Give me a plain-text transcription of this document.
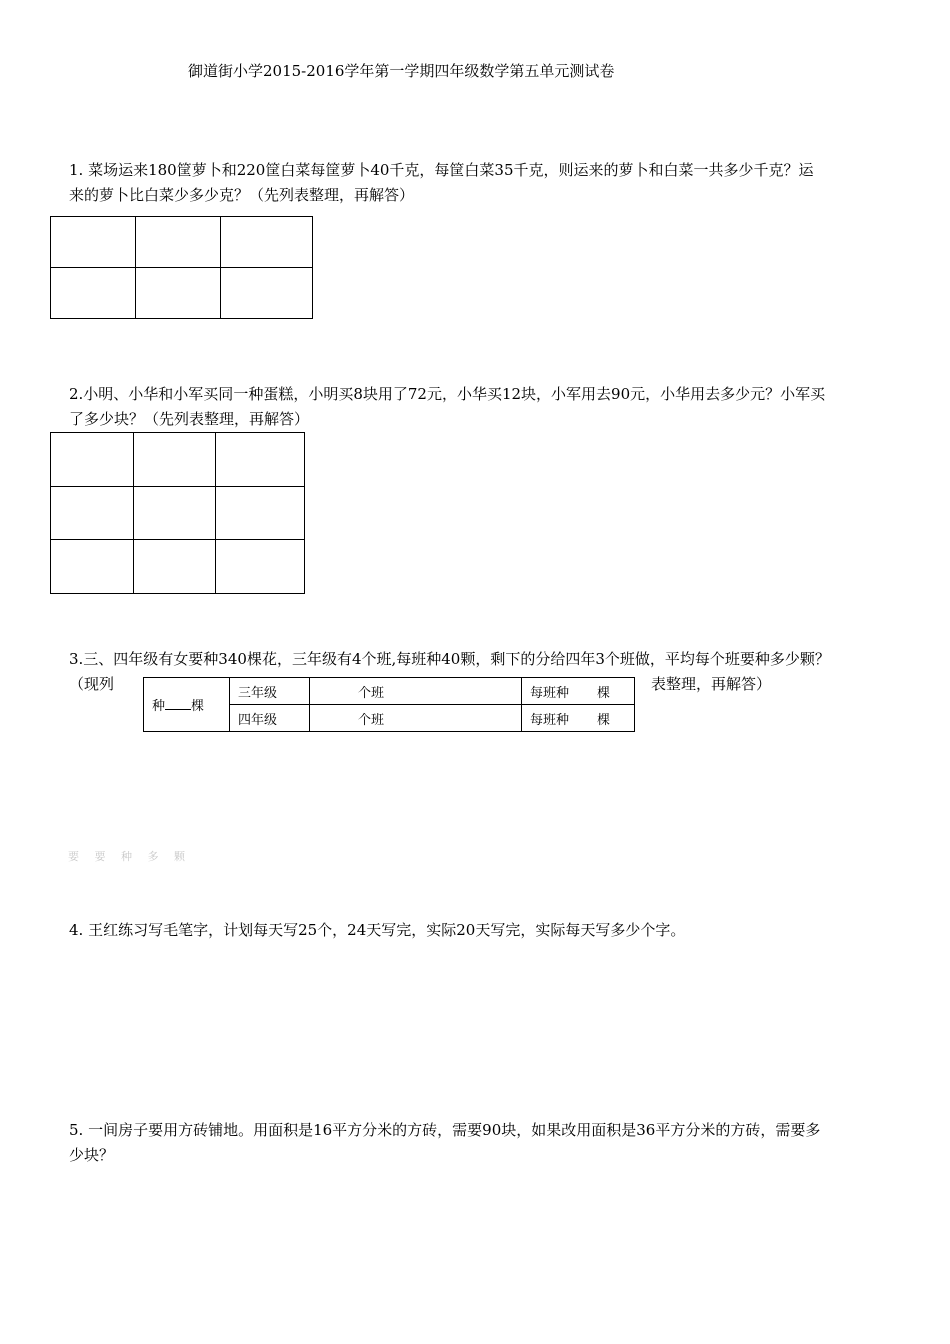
御道街小学2015-2016学年第一学期四年级数学第五单元测试卷
1. 菜场运来180筐萝卜和220筐白菜每筐萝卜40千克，每筐白菜35千克，则运来的萝卜和白菜一共多少千克？运
来的萝卜比白菜少多少克？（先列表整理，再解答）

2.小明、小华和小军买同一种蛋糕，小明买8块用了72元，小华买12块，小军用去90元，小华用去多少元？小军买
了多少块？（先列表整理，再解答）

3.三、四年级有女要种340棵花，三年级有4个班,每班种40颗，剩下的分给四年3个班做，平均每个班要种多少颗？
（现列	表整理，再解答）
种 棵	三年级	个班	每班种 棵
	四年级	个班	每班种 棵
要 要 种 多 颗
4. 王红练习写毛笔字，计划每天写25个，24天写完，实际20天写完，实际每天写多少个字。
5. 一间房子要用方砖铺地。用面积是16平方分米的方砖，需要90块，如果改用面积是36平方分米的方砖，需要多
少块？
